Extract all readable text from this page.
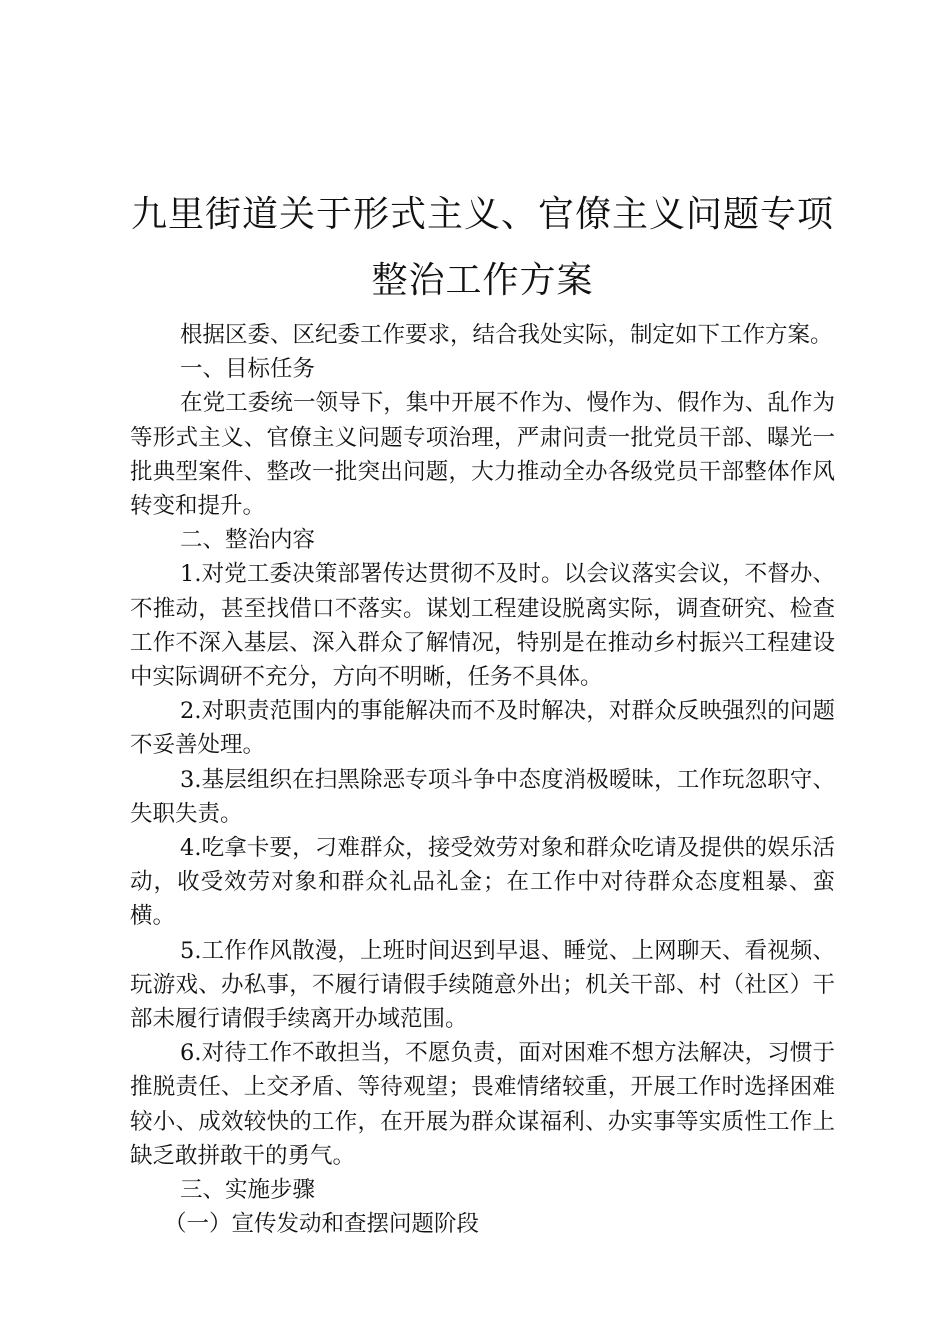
九里街道关于形式主义、官僚主义问题专项整治工作方案

根据区委、区纪委工作要求，结合我处实际，制定如下工作方案。

一、目标任务

在党工委统一领导下，集中开展不作为、慢作为、假作为、乱作为等形式主义、官僚主义问题专项治理，严肃问责一批党员干部、曝光一批典型案件、整改一批突出问题，大力推动全办各级党员干部整体作风转变和提升。

二、整治内容

1.对党工委决策部署传达贯彻不及时。以会议落实会议，不督办、不推动，甚至找借口不落实。谋划工程建设脱离实际，调查研究、检查工作不深入基层、深入群众了解情况，特别是在推动乡村振兴工程建设中实际调研不充分，方向不明晰，任务不具体。

2.对职责范围内的事能解决而不及时解决，对群众反映强烈的问题不妥善处理。

3.基层组织在扫黑除恶专项斗争中态度消极暧昧，工作玩忽职守、失职失责。

4.吃拿卡要，刁难群众，接受效劳对象和群众吃请及提供的娱乐活动，收受效劳对象和群众礼品礼金；在工作中对待群众态度粗暴、蛮横。

5.工作作风散漫，上班时间迟到早退、睡觉、上网聊天、看视频、玩游戏、办私事，不履行请假手续随意外出；机关干部、村（社区）干部未履行请假手续离开办域范围。

6.对待工作不敢担当，不愿负责，面对困难不想方法解决，习惯于推脱责任、上交矛盾、等待观望；畏难情绪较重，开展工作时选择困难较小、成效较快的工作，在开展为群众谋福利、办实事等实质性工作上缺乏敢拼敢干的勇气。

三、实施步骤

（一）宣传发动和查摆问题阶段
